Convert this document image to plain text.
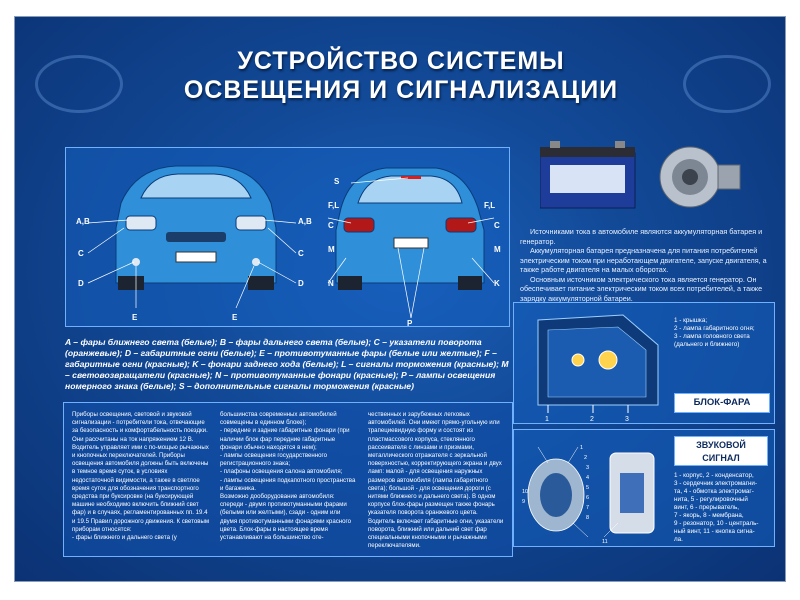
УСТРОЙСТВО СИСТЕМЫ
ОСВЕЩЕНИЯ И СИГНАЛИЗАЦИИ
A,B	A,B
C	C
D	D
E	E
S
F,L	F,L
C	C
M	M
N	K
P
A – фары ближнего света (белые); B – фары дальнего света (белые); C – указатели поворота (оранжевые); D – габаритные огни (белые); E – противотуманные фары (белые или желтые); F – габаритные огни (красные); K – фонари заднего хода (белые); L – сигналы торможения (красные); M – световозвращатели (красные); N – противотуманные фонари (красные); P – лампы освещения номерного знака (белые); S – дополнительные сигналы торможения (красные)

Источниками тока в автомобиле являются аккумуляторная батарея и генератор.

Аккумуляторная батарея предназначена для питания потребителей электрическим током при неработающем двигателе, запуске двигателя, а также работе двигателя на малых оборотах.

Основным источником электрического тока является генератор. Он обеспечивает питание электрическим током всех потребителей, а также зарядку аккумуляторной батареи.

1	2	3
1 - крышка;
2 - лампа габаритного огня;
3 - лампа головного света
(дальнего и ближнего)
БЛОК-ФАРА
1
2
3
4
5
6
7
8
9
10
11
ЗВУКОВОЙ
СИГНАЛ
1 - корпус, 2 - конденсатор,
3 - сердечник электромагни-
та, 4 - обмотка электромаг-
нита, 5 - регулировочный
винт, 6 - прерыватель,
7 - якорь, 8 - мембрана,
9 - резонатор, 10 - централь-
ный винт, 11 - кнопка сигна-
ла.

Приборы освещения, световой и звуковой сигнализации - потребители тока, отвечающие за безопасность и комфортабельность поездки. Они рассчитаны на ток напряжением 12 В. Водитель управляет ими с по-мощью рычажных и кнопочных переключателей. Приборы освещения автомобиля должны быть включены в темное время суток, в условиях недостаточной видимости, а также в светлое время суток для обозначения транспортного средства при буксировке (на буксирующей машине необходимо включить ближний свет фар) и в случаях, регламентированных пп. 19.4 и 19.5 Правил дорожного движения. К световым приборам относятся:

- фары ближнего и дальнего света (у

большинства современных автомобилей совмещены в единном блоке);

- передние и задние габаритные фонари (при наличии блок фар передние габаритные фонари обычно находятся в нем);

- лампы освещения государственного регистрационного знака;

- плафоны освещения салона автомобиля;

- лампы освещения подкапотного пространства и багажника.

Возможно дооборудование автомобиля: спереди - двумя противотуманными фарами (белыми или желтыми), сзади - одним или двумя противотуманными фонарями красного цвета. Блок-фары в настоящее время устанавливают на большинство оте-

чественных и зарубежных легковых автомобилей. Они имеют прямо-угольную или трапециевидную форму и состоят из пластмассового корпуса, стеклянного рассеивателя с линзами и призмами, металлического отражателя с зеркальной поверхностью, корректирующего экрана и двух ламп: малой - для освещения наружных размеров автомобиля (лампа габаритного света); большой - для освещения дороги (с нитями ближнего и дальнего света). В одном корпусе блок-фары размещен также фонарь указателя поворота оранжевого цвета. Водитель включает габаритные огни, указатели поворота, ближний или дальний свет фар специальными кнопочными и рычажными переключателями.
